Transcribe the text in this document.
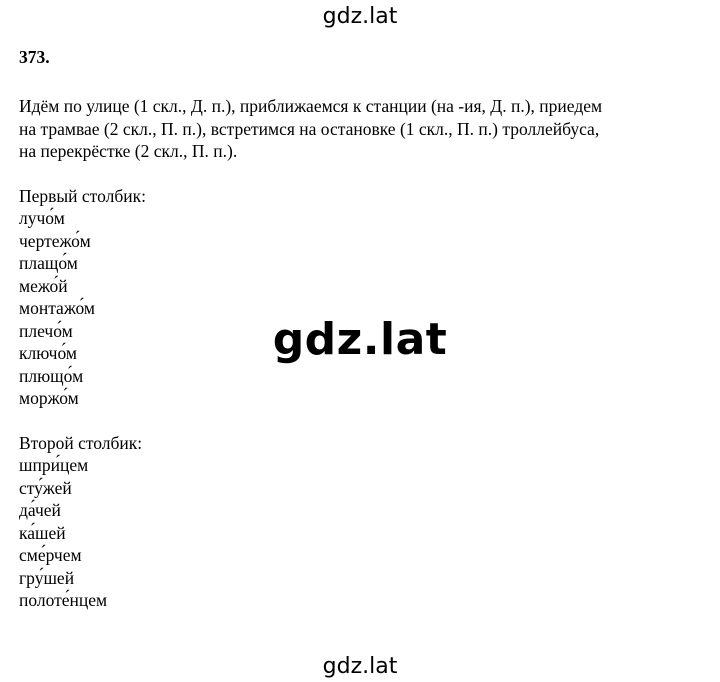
gdz.lat
373.
Идём по улице (1 скл., Д. п.), приближаемся к станции (на -ия, Д. п.), приедем
на трамвае (2 скл., П. п.), встретимся на остановке (1 скл., П. п.) троллейбуса,
на перекрёстке (2 скл., П. п.).
Первый столбик:
лучо́м
чертежо́м
плащо́м
межо́й
монтажо́м
плечо́м
ключо́м
плющо́м
моржо́м
Второй столбик:
шпри́цем
сту́жей
да́чей
ка́шей
сме́рчем
гру́шей
полоте́нцем
gdz.lat
gdz.lat
